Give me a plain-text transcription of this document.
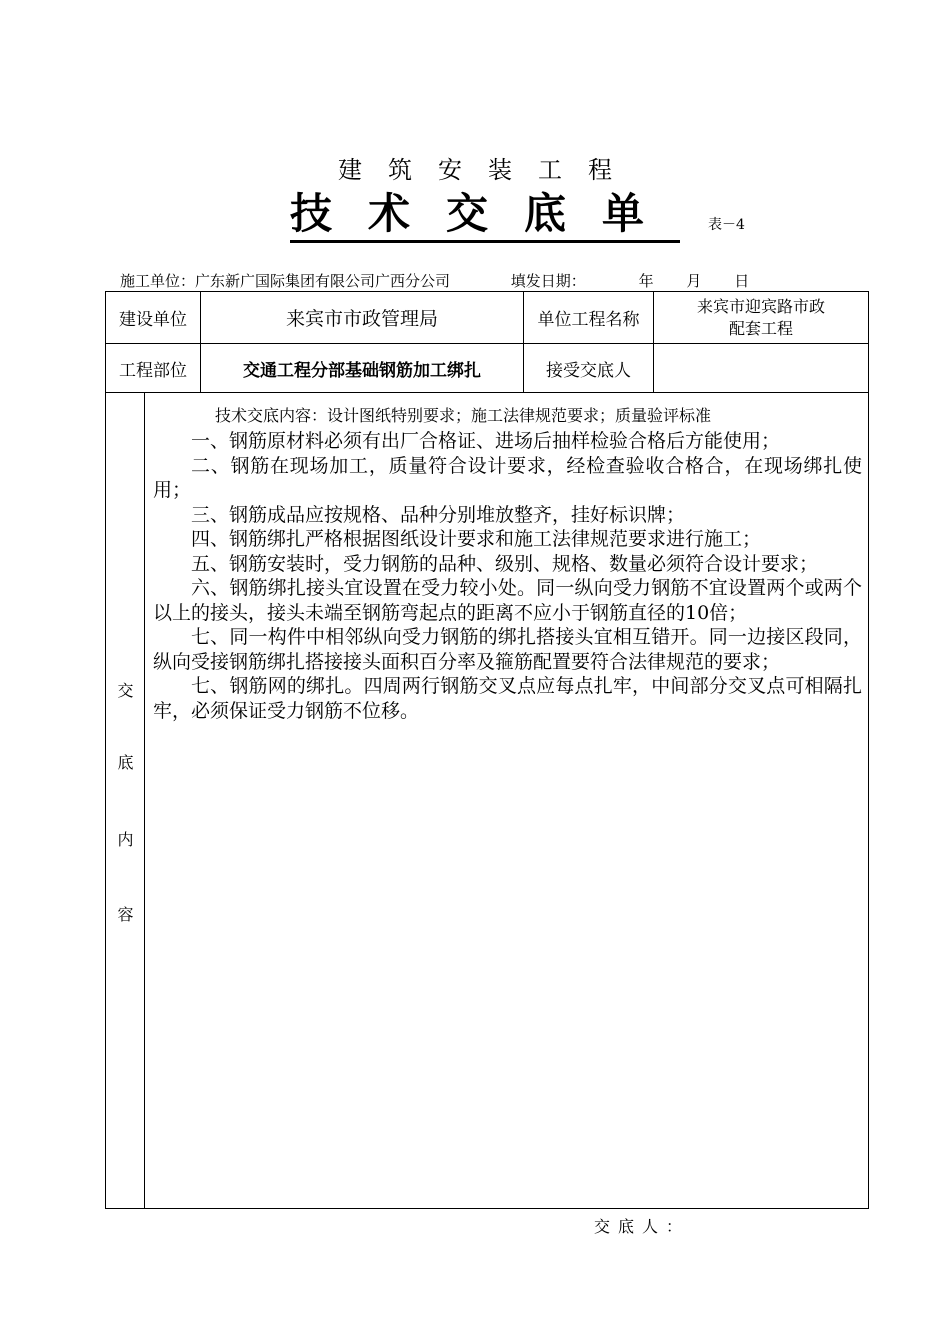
建筑安装工程
技术交底单 表－4
施工单位：广东新广国际集团有限公司广西分公司	填发日期：	年 月 日
建设单位	来宾市市政管理局	单位工程名称
来宾市迎宾路市政
配套工程
工程部位	交通工程分部基础钢筋加工绑扎	接受交底人
交
底
内
容

技术交底内容：设计图纸特别要求；施工法律规范要求；质量验评标准

一、钢筋原材料必须有出厂合格证、进场后抽样检验合格后方能使用；

二、钢筋在现场加工，质量符合设计要求，经检查验收合格合，在现场绑扎使用；

三、钢筋成品应按规格、品种分别堆放整齐，挂好标识牌；

四、钢筋绑扎严格根据图纸设计要求和施工法律规范要求进行施工；

五、钢筋安装时，受力钢筋的品种、级别、规格、数量必须符合设计要求；

六、钢筋绑扎接头宜设置在受力较小处。同一纵向受力钢筋不宜设置两个或两个以上的接头，接头未端至钢筋弯起点的距离不应小于钢筋直径的10倍；

七、同一构件中相邻纵向受力钢筋的绑扎搭接头宜相互错开。同一边接区段同，纵向受接钢筋绑扎搭接接头面积百分率及箍筋配置要符合法律规范的要求；

七、钢筋网的绑扎。四周两行钢筋交叉点应每点扎牢，中间部分交叉点可相隔扎牢，必须保证受力钢筋不位移。

交底人：
